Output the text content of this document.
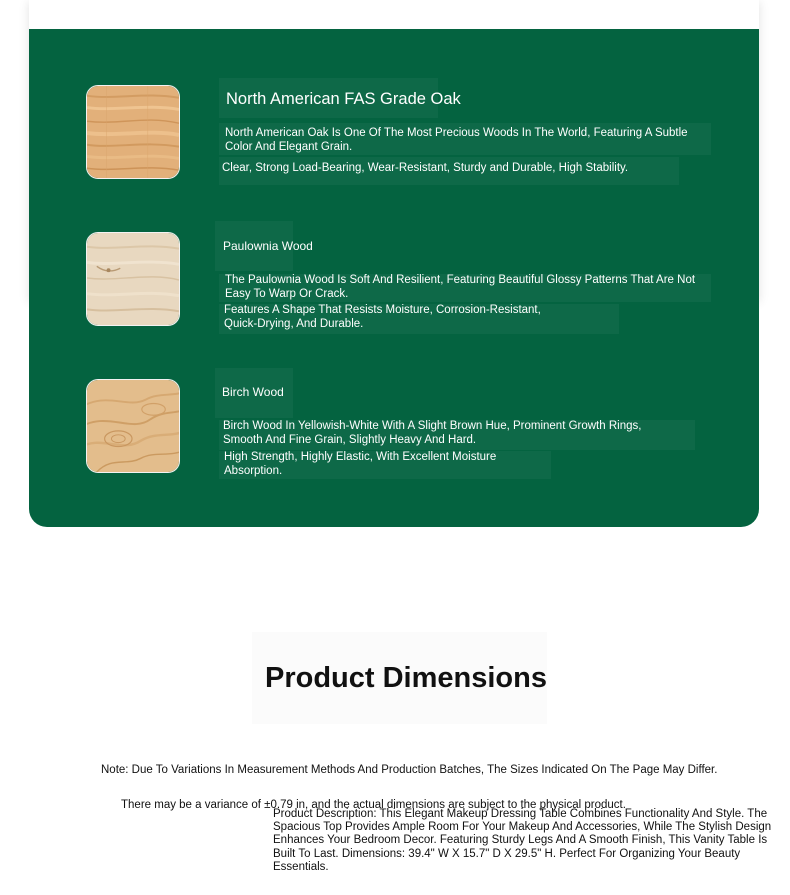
North American FAS Grade Oak
North American Oak Is One Of The Most Precious Woods In The World, Featuring A Subtle Color And Elegant Grain.
Clear, Strong Load-Bearing, Wear-Resistant, Sturdy and Durable, High Stability.
Paulownia Wood
The Paulownia Wood Is Soft And Resilient, Featuring Beautiful Glossy Patterns That Are Not Easy To Warp Or Crack.
Features A Shape That Resists Moisture, Corrosion-Resistant, Quick-Drying, And Durable.
Birch Wood
Birch Wood In Yellowish-White With A Slight Brown Hue, Prominent Growth Rings, Smooth And Fine Grain, Slightly Heavy And Hard.
High Strength, Highly Elastic, With Excellent Moisture Absorption.
Product Dimensions
Note: Due To Variations In Measurement Methods And Production Batches, The Sizes Indicated On The Page May Differ.
There may be a variance of ±0.79 in, and the actual dimensions are subject to the physical product.
Product Description: This Elegant Makeup Dressing Table Combines Functionality And Style. The Spacious Top Provides Ample Room For Your Makeup And Accessories, While The Stylish Design Enhances Your Bedroom Decor. Featuring Sturdy Legs And A Smooth Finish, This Vanity Table Is Built To Last. Dimensions: 39.4" W X 15.7" D X 29.5" H. Perfect For Organizing Your Beauty Essentials.
